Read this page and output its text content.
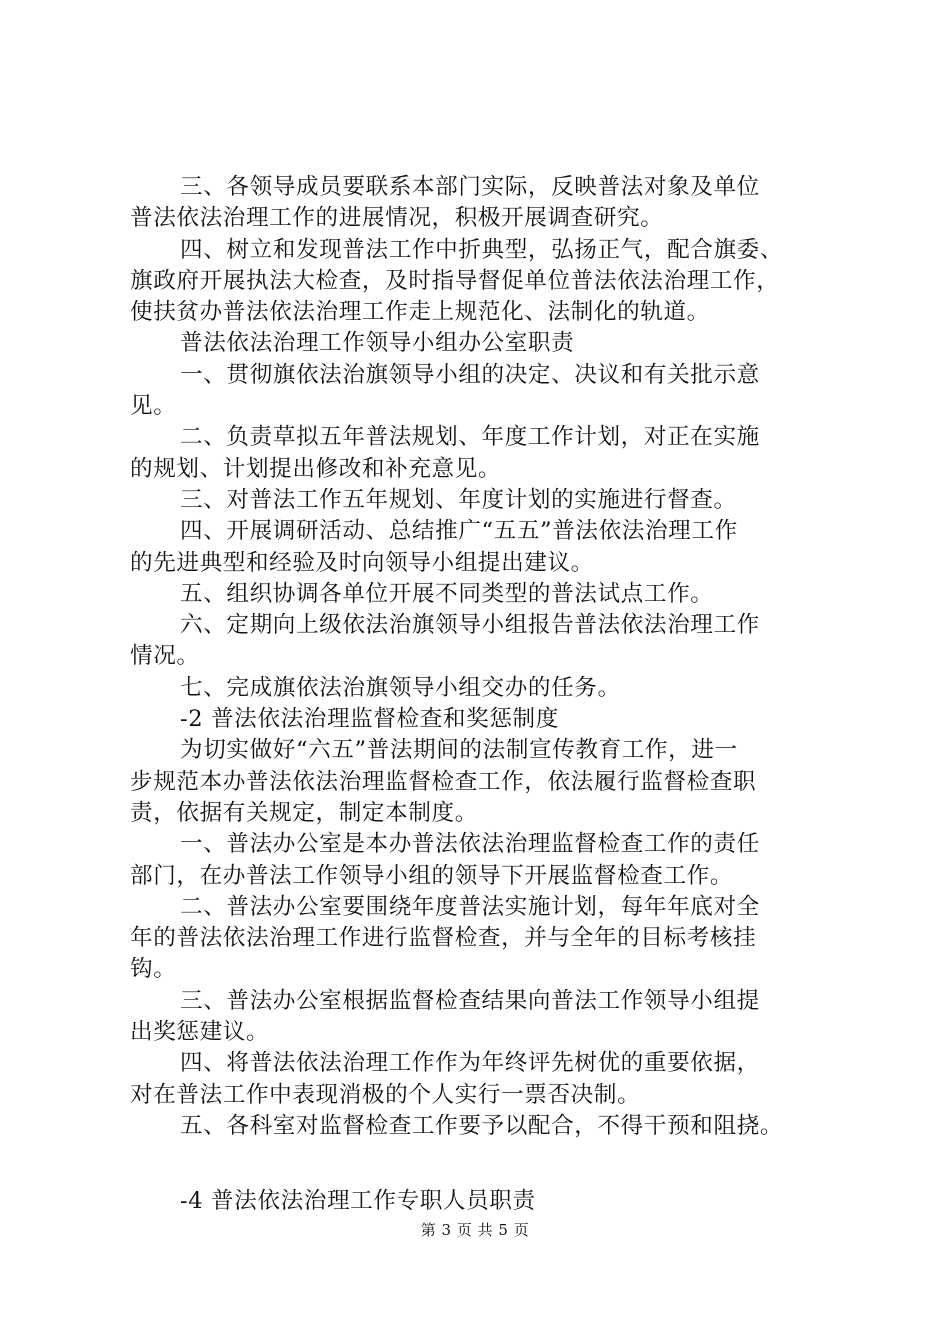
三、各领导成员要联系本部门实际，反映普法对象及单位
普法依法治理工作的进展情况，积极开展调查研究。
四、树立和发现普法工作中折典型，弘扬正气，配合旗委、
旗政府开展执法大检查，及时指导督促单位普法依法治理工作，
使扶贫办普法依法治理工作走上规范化、法制化的轨道。
普法依法治理工作领导小组办公室职责
一、贯彻旗依法治旗领导小组的决定、决议和有关批示意
见。
二、负责草拟五年普法规划、年度工作计划，对正在实施
的规划、计划提出修改和补充意见。
三、对普法工作五年规划、年度计划的实施进行督查。
四、开展调研活动、总结推广“五五”普法依法治理工作
的先进典型和经验及时向领导小组提出建议。
五、组织协调各单位开展不同类型的普法试点工作。
六、定期向上级依法治旗领导小组报告普法依法治理工作
情况。
七、完成旗依法治旗领导小组交办的任务。
-2 普法依法治理监督检查和奖惩制度
为切实做好“六五”普法期间的法制宣传教育工作，进一
步规范本办普法依法治理监督检查工作，依法履行监督检查职
责，依据有关规定，制定本制度。
一、普法办公室是本办普法依法治理监督检查工作的责任
部门，在办普法工作领导小组的领导下开展监督检查工作。
二、普法办公室要围绕年度普法实施计划，每年年底对全
年的普法依法治理工作进行监督检查，并与全年的目标考核挂
钩。
三、普法办公室根据监督检查结果向普法工作领导小组提
出奖惩建议。
四、将普法依法治理工作作为年终评先树优的重要依据，
对在普法工作中表现消极的个人实行一票否决制。
五、各科室对监督检查工作要予以配合，不得干预和阻挠。
-4 普法依法治理工作专职人员职责
第 3 页 共 5 页
